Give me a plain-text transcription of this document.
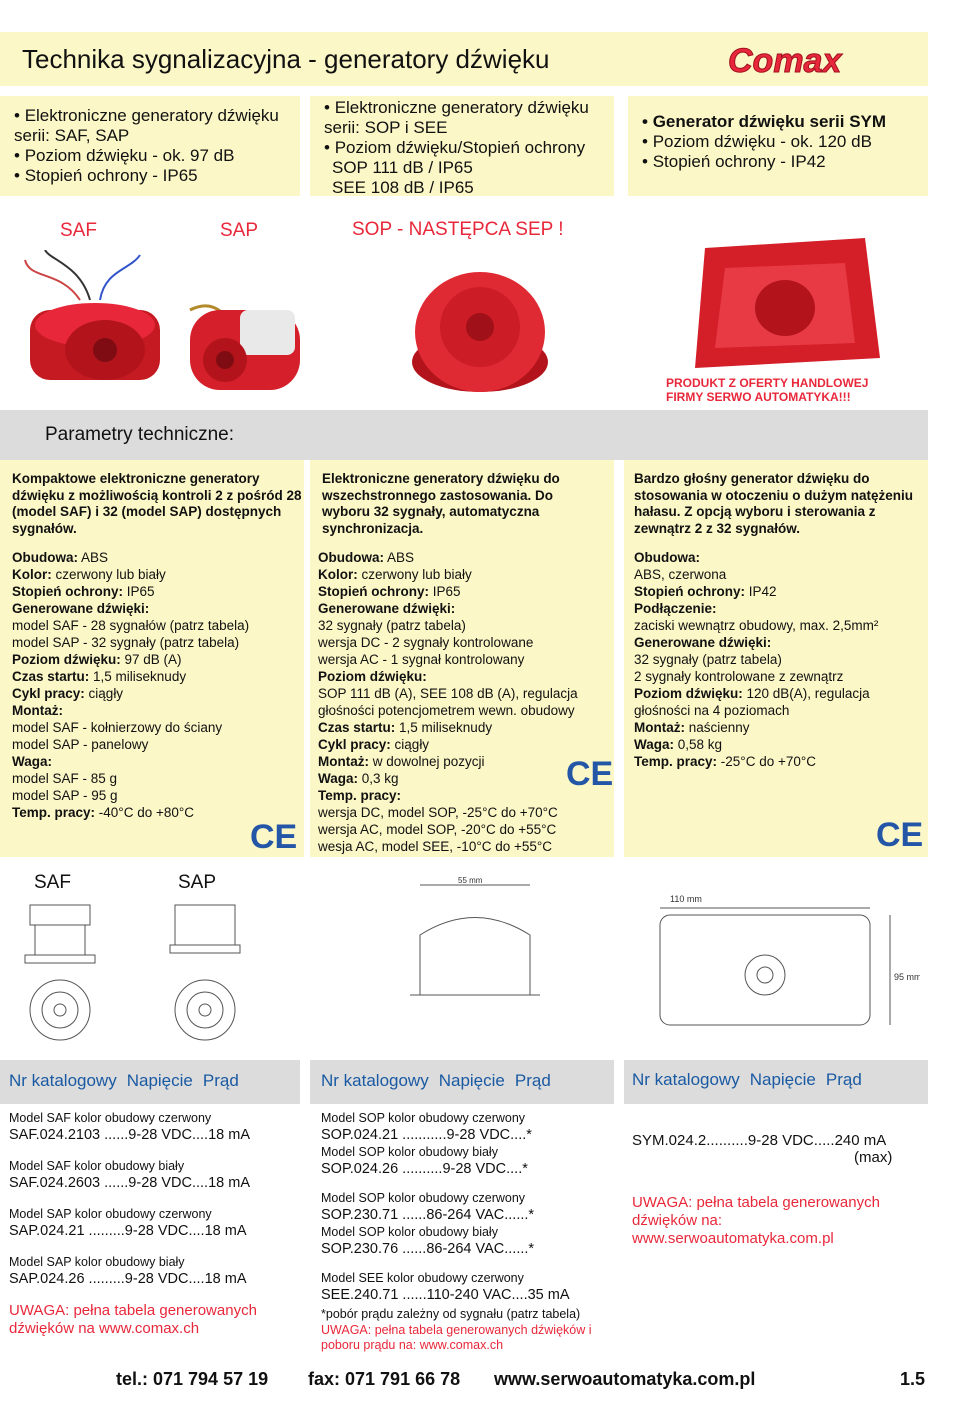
Technika sygnalizacyjna - generatory dźwięku	Comax
• Elektroniczne generatory dźwięku serii: SAF, SAP
• Poziom dźwięku - ok. 97 dB
• Stopień ochrony - IP65
• Elektroniczne generatory dźwięku serii: SOP i SEE
• Poziom dźwięku/Stopień ochrony
SOP 111 dB / IP65
SEE 108 dB / IP65
• Generator dźwięku serii SYM
• Poziom dźwięku - ok. 120 dB
• Stopień ochrony - IP42
SAF	SAP	SOP - NASTĘPCA SEP !
PRODUKT Z OFERTY HANDLOWEJ
FIRMY SERWO AUTOMATYKA!!!
Parametry techniczne:
Kompaktowe elektroniczne generatory dźwięku z możliwością kontroli 2 z pośród 28 (model SAF) i 32 (model SAP) dostępnych sygnałów.
Elektroniczne generatory dźwięku do wszechstronnego zastosowania. Do wyboru 32 sygnały, automatyczna synchronizacja.
Bardzo głośny generator dźwięku do stosowania w otoczeniu o dużym natężeniu hałasu. Z opcją wyboru i sterowania z zewnątrz 2 z 32 sygnałów.
Obudowa: ABS
Kolor: czerwony lub biały
Stopień ochrony: IP65
Generowane dźwięki:
model SAF - 28 sygnałów (patrz tabela)
model SAP - 32 sygnały (patrz tabela)
Poziom dźwięku: 97 dB (A)
Czas startu: 1,5 miliseknudy
Cykl pracy: ciągły
Montaż:
model SAF - kołnierzowy do ściany
model SAP - panelowy
Waga:
model SAF - 85 g
model SAP - 95 g
Temp. pracy: -40°C do +80°C
Obudowa: ABS
Kolor: czerwony lub biały
Stopień ochrony: IP65
Generowane dźwięki:
32 sygnały (patrz tabela)
wersja DC - 2 sygnały kontrolowane
wersja AC - 1 sygnał kontrolowany
Poziom dźwięku:
SOP 111 dB (A), SEE 108 dB (A), regulacja
głośności potencjometrem wewn. obudowy
Czas startu: 1,5 miliseknudy
Cykl pracy: ciągły
Montaż: w dowolnej pozycji
Waga: 0,3 kg
Temp. pracy:
wersja DC, model SOP, -25°C do +70°C
wersja AC, model SOP, -20°C do +55°C
wesja AC, model SEE, -10°C do +55°C
Obudowa:
ABS, czerwona
Stopień ochrony: IP42
Podłączenie:
zaciski wewnątrz obudowy, max. 2,5mm²
Generowane dźwięki:
32 sygnały (patrz tabela)
2 sygnały kontrolowane z zewnątrz
Poziom dźwięku: 120 dB(A), regulacja
głośności na 4 poziomach
Montaż: naścienny
Waga: 0,58 kg
Temp. pracy: -25°C do +70°C
CE
CE
CE
SAF	SAP	55 mm
110 mm
95 mm
Nr katalogowy Napięcie Prąd	Nr katalogowy Napięcie Prąd	Nr katalogowy Napięcie Prąd
Model SAF kolor obudowy czerwony
SAF.024.2103 ......9-28 VDC....18 mA
Model SAF kolor obudowy biały
SAF.024.2603 ......9-28 VDC....18 mA
Model SAP kolor obudowy czerwony
SAP.024.21 .........9-28 VDC....18 mA
Model SAP kolor obudowy biały
SAP.024.26 .........9-28 VDC....18 mA
UWAGA: pełna tabela generowanych dźwięków na www.comax.ch
Model SOP kolor obudowy czerwony
SOP.024.21 ...........9-28 VDC....*
Model SOP kolor obudowy biały
SOP.024.26 ..........9-28 VDC....*
Model SOP kolor obudowy czerwony
SOP.230.71 ......86-264 VAC......*
Model SOP kolor obudowy biały
SOP.230.76 ......86-264 VAC......*
Model SEE kolor obudowy czerwony
SEE.240.71 ......110-240 VAC....35 mA
*pobór prądu zależny od sygnału (patrz tabela)
UWAGA: pełna tabela generowanych dźwięków i poboru prądu na: www.comax.ch
SYM.024.2..........9-28 VDC.....240 mA
(max)
UWAGA: pełna tabela generowanych dźwięków na: www.serwoautomatyka.com.pl
tel.: 071 794 57 19 fax: 071 791 66 78 www.serwoautomatyka.com.pl	1.5
